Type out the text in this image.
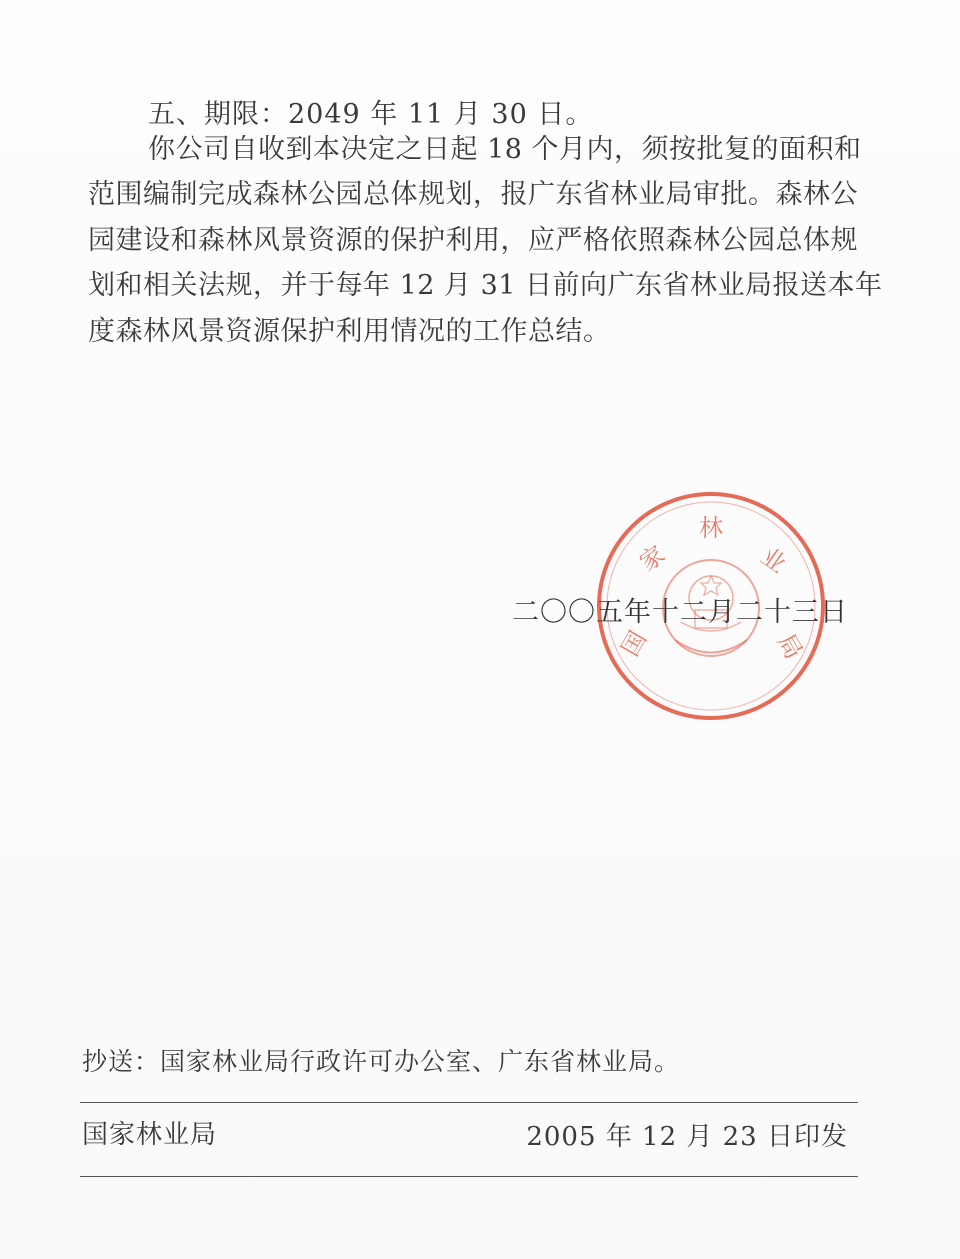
五、期限：2049 年 11 月 30 日。
你公司自收到本决定之日起 18 个月内，须按批复的面积和
范围编制完成森林公园总体规划，报广东省林业局审批。森林公
园建设和森林风景资源的保护利用，应严格依照森林公园总体规
划和相关法规，并于每年 12 月 31 日前向广东省林业局报送本年
度森林风景资源保护利用情况的工作总结。
国
家
林
业
局
二〇〇五年十二月二十三日
抄送：国家林业局行政许可办公室、广东省林业局。
国家林业局	2005 年 12 月 23 日印发
